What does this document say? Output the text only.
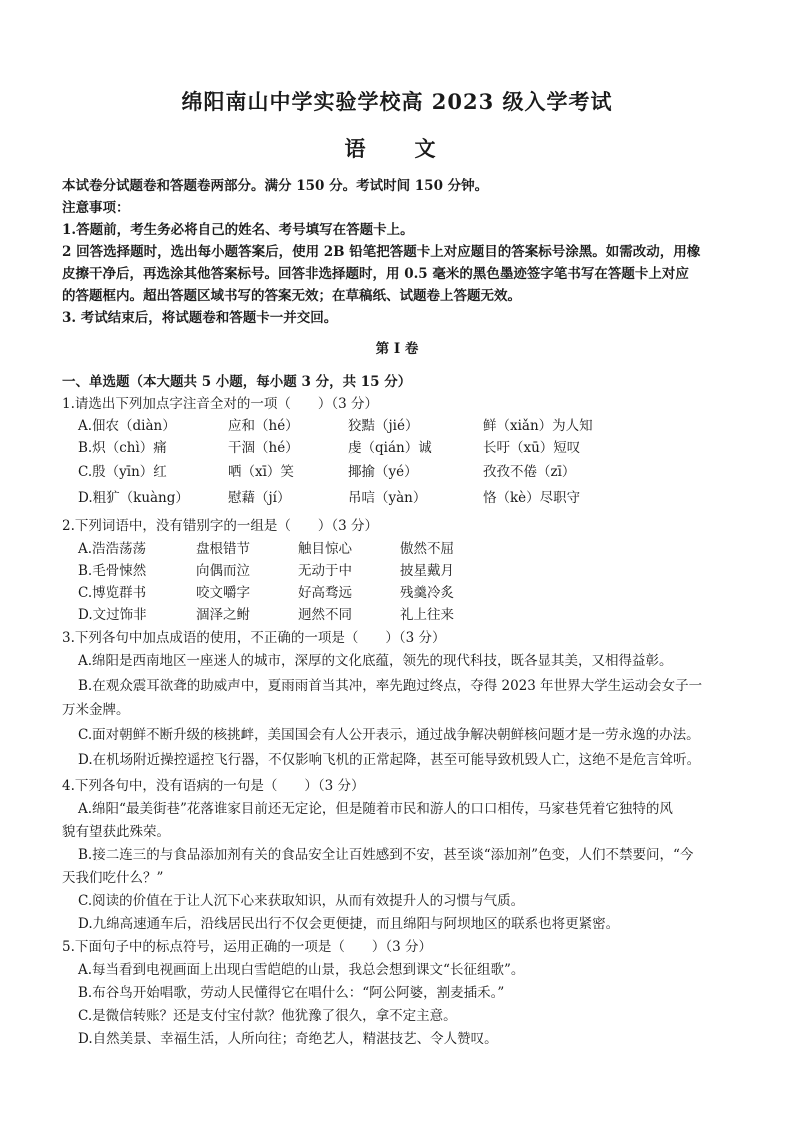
绵阳南山中学实验学校高 2023 级入学考试
语　文
本试卷分试题卷和答题卷两部分。满分 150 分。考试时间 150 分钟。
注意事项：
1.答题前，考生务必将自己的姓名、考号填写在答题卡上。
2 回答选择题时，选出每小题答案后，使用 2B 铅笔把答题卡上对应题目的答案标号涂黑。如需改动，用橡
皮擦干净后，再选涂其他答案标号。回答非选择题时，用 0.5 毫米的黑色墨迹签字笔书写在答题卡上对应
的答题框内。超出答题区域书写的答案无效；在草稿纸、试题卷上答题无效。
3. 考试结束后，将试题卷和答题卡一并交回。
第 I 卷
一、单选题（本大题共 5 小题，每小题 3 分，共 15 分）
1.请选出下列加点字注音全对的一项（　　）（3 分）
A.佃农（diàn）	应和（hé）	狡黠（jié）	鲜（xiǎn）为人知
B.炽（chì）痛	干涸（hé）	虔（qián）诚	长吁（xū）短叹
C.殷（yīn）红	哂（xī）笑	揶揄（yé）	孜孜不倦（zī）
D.粗犷（kuàng）	慰藉（jí）	吊唁（yàn）	恪（kè）尽职守
2.下列词语中，没有错别字的一组是（　　）（3 分）
A.浩浩荡荡	盘根错节	触目惊心	傲然不屈
B.毛骨悚然	向偶而泣	无动于中	披星戴月
C.博览群书	咬文嚼字	好高骛远	残羹冷炙
D.文过饰非	涸泽之鲋	迥然不同	礼上往来
3.下列各句中加点成语的使用，不正确的一项是（　　）（3 分）
A.绵阳是西南地区一座迷人的城市，深厚的文化底蕴，领先的现代科技，既各显其美，又相得益彰。
B.在观众震耳欲聋的助威声中，夏雨雨首当其冲，率先跑过终点，夺得 2023 年世界大学生运动会女子一
万米金牌。
C.面对朝鲜不断升级的核挑衅，美国国会有人公开表示，通过战争解决朝鲜核问题才是一劳永逸的办法。
D.在机场附近操控遥控飞行器，不仅影响飞机的正常起降，甚至可能导致机毁人亡，这绝不是危言耸听。
4.下列各句中，没有语病的一句是（　　）（3 分）
A.绵阳“最美街巷”花落谁家目前还无定论，但是随着市民和游人的口口相传，马家巷凭着它独特的风
貌有望获此殊荣。
B.接二连三的与食品添加剂有关的食品安全让百姓感到不安，甚至谈“添加剂”色变，人们不禁要问，“今
天我们吃什么？”
C.阅读的价值在于让人沉下心来获取知识，从而有效提升人的习惯与气质。
D.九绵高速通车后，沿线居民出行不仅会更便捷，而且绵阳与阿坝地区的联系也将更紧密。
5.下面句子中的标点符号，运用正确的一项是（　　）（3 分）
A.每当看到电视画面上出现白雪皑皑的山景，我总会想到课文“长征组歌”。
B.布谷鸟开始唱歌，劳动人民懂得它在唱什么：“阿公阿婆，割麦插禾。”
C.是微信转账？还是支付宝付款？他犹豫了很久，拿不定主意。
D.自然美景、幸福生活，人所向往；奇绝艺人，精湛技艺、令人赞叹。
